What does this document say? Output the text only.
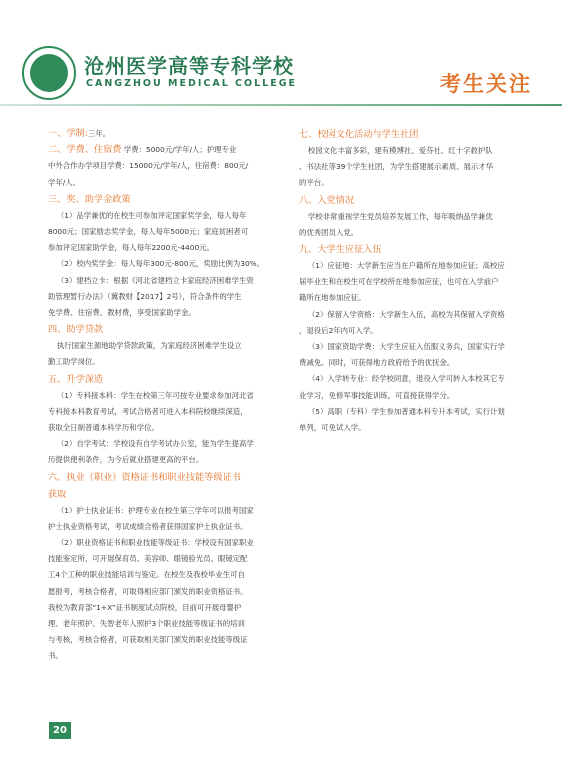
沧州医学高等专科学校
CANGZHOU MEDICAL COLLEGE	考生关注
一、学制:三年。
二、学费、住宿费 学费：5000元/学年/人；护理专业
中外合作办学项目学费：15000元/学年/人，住宿费：800元/
学年/人。
三、奖、助学金政策
（1）品学兼优的在校生可参加评定国家奖学金，每人每年
8000元；国家励志奖学金，每人每年5000元；家庭贫困者可
参加评定国家助学金，每人每年2200元-4400元。
（2）校内奖学金：每人每年300元-800元，奖励比例为30%。
（3）建档立卡：根据《河北省建档立卡家庭经济困难学生资
助管理暂行办法》（冀教财【2017】2号），符合条件的学生
免学费、住宿费、教材费，享受国家助学金。
四、助学贷款
执行国家生源地助学贷款政策，为家庭经济困难学生设立
勤工助学岗位。
五、升学深造
（1）专科接本科：学生在校第三年可按专业要求参加河北省
专科接本科教育考试，考试合格者可进入本科院校继续深造，
获取全日制普通本科学历和学位。
（2）自学考试：学校设有自学考试办公室，能为学生提高学
历提供便利条件，为今后就业搭建更高的平台。
六、执业（职业）资格证书和职业技能等级证书
获取
（1）护士执业证书：护理专业在校生第三学年可以报考国家
护士执业资格考试，考试成绩合格者获得国家护士执业证书。
（2）职业资格证书和职业技能等级证书：学校设有国家职业
技能鉴定所，可开展保育员、美容师、眼镜验光员、眼镜定配
工4个工种的职业技能培训与鉴定。在校生及我校毕业生可自
愿报考，考核合格者，可取得相应部门颁发的职业资格证书。
我校为教育部“1+X”证书制度试点院校，目前可开展母婴护
理、老年照护、失智老年人照护3个职业技能等级证书的培训
与考核，考核合格者，可获取相关部门颁发的职业技能等级证
书。
七、校园文化活动与学生社团
校园文化丰富多彩，建有模博社、爱芬社、红十字救护队
、书法社等39个学生社团，为学生搭建展示素质、展示才华
的平台。
八、入党情况
学校非常重视学生党员培养发展工作，每年吸纳品学兼优
的优秀团员入党。
九、大学生应征入伍
（1）应征地：大学新生应当在户籍所在地参加应征；高校应
届毕业生和在校生可在学校所在地参加应征，也可在入学前户
籍所在地参加应征。
（2）保留入学资格：大学新生入伍，高校为其保留入学资格
，退役后2年内可入学。
（3）国家资助学费：大学生应征入伍服义务兵，国家实行学
费减免。同时，可获得地方政府给予的优抚金。
（4）入学转专业：经学校同意，退役入学可转入本校其它专
业学习，免修军事技能训练，可直接获得学分。
（5）高职（专科）学生参加普通本科专升本考试，实行计划
单列，可免试入学。
20
